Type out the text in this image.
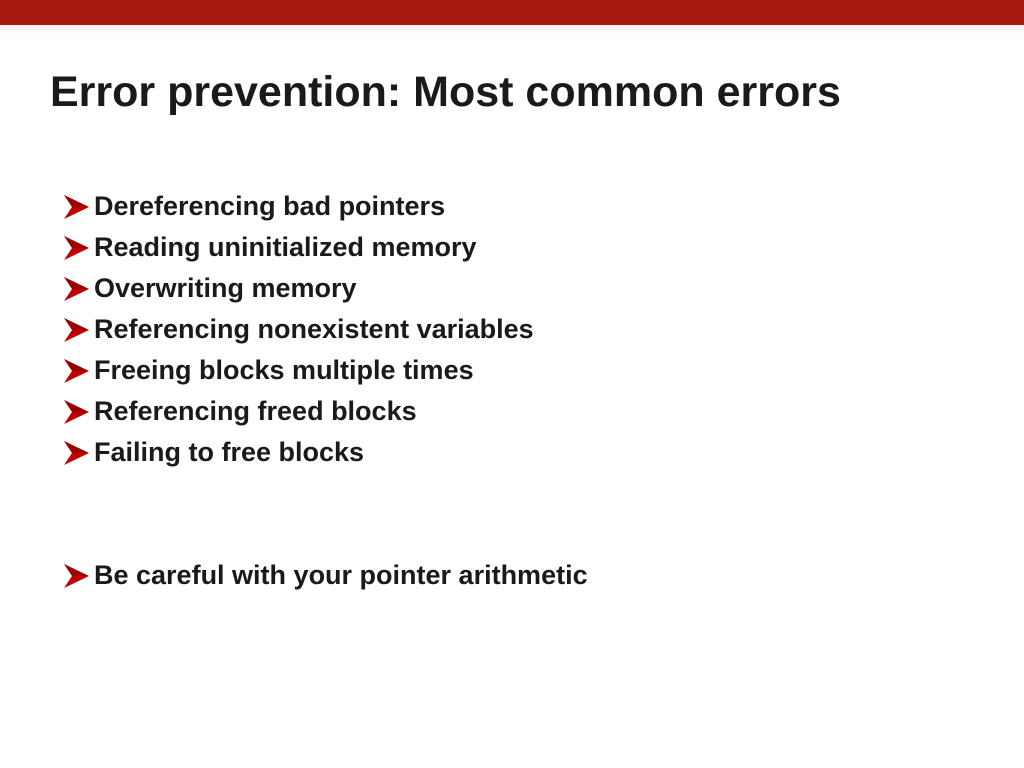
Error prevention: Most common errors
Dereferencing bad pointers
Reading uninitialized memory
Overwriting memory
Referencing nonexistent variables
Freeing blocks multiple times
Referencing freed blocks
Failing to free blocks
Be careful with your pointer arithmetic
